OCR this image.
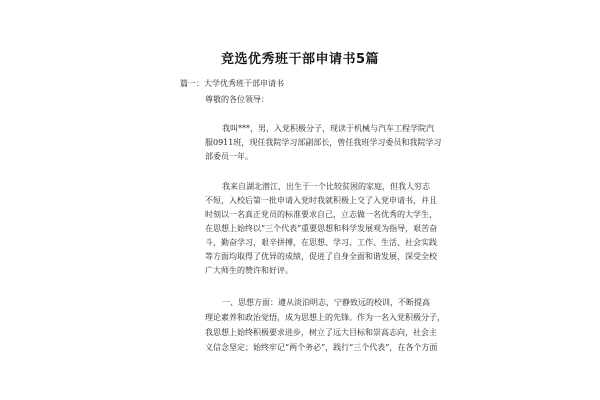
竞选优秀班干部申请书5篇
篇一：大学优秀班干部申请书
尊敬的各位领导：
我叫***，男，入党积极分子，现读于机械与汽车工程学院汽
服0911班，现任我院学习部副部长，曾任我班学习委员和我院学习
部委员一年。
我来自湖北潜江，出生于一个比较贫困的家庭，但我人穷志
不短，入校后第一批申请入党时我就积极上交了入党申请书，并且
时刻以一名真正党员的标准要求自己，立志做一名优秀的大学生，
在思想上始终以“三个代表”重要思想和科学发展观为指导，艰苦奋
斗，勤奋学习，艰辛拼搏，在思想、学习、工作、生活、社会实践
等方面均取得了优异的成绩，促进了自身全面和谐发展，深受全校
广大师生的赞许和好评。
一、思想方面：遵从淡泊明志，宁静致远的校训，不断提高
理论素养和政治觉悟，成为思想上的先锋。作为一名入党积极分子，
我思想上始终积极要求进步，树立了远大目标和崇高志向，社会主
义信念坚定；始终牢记“两个务必”，践行“三个代表”，在各个方面
